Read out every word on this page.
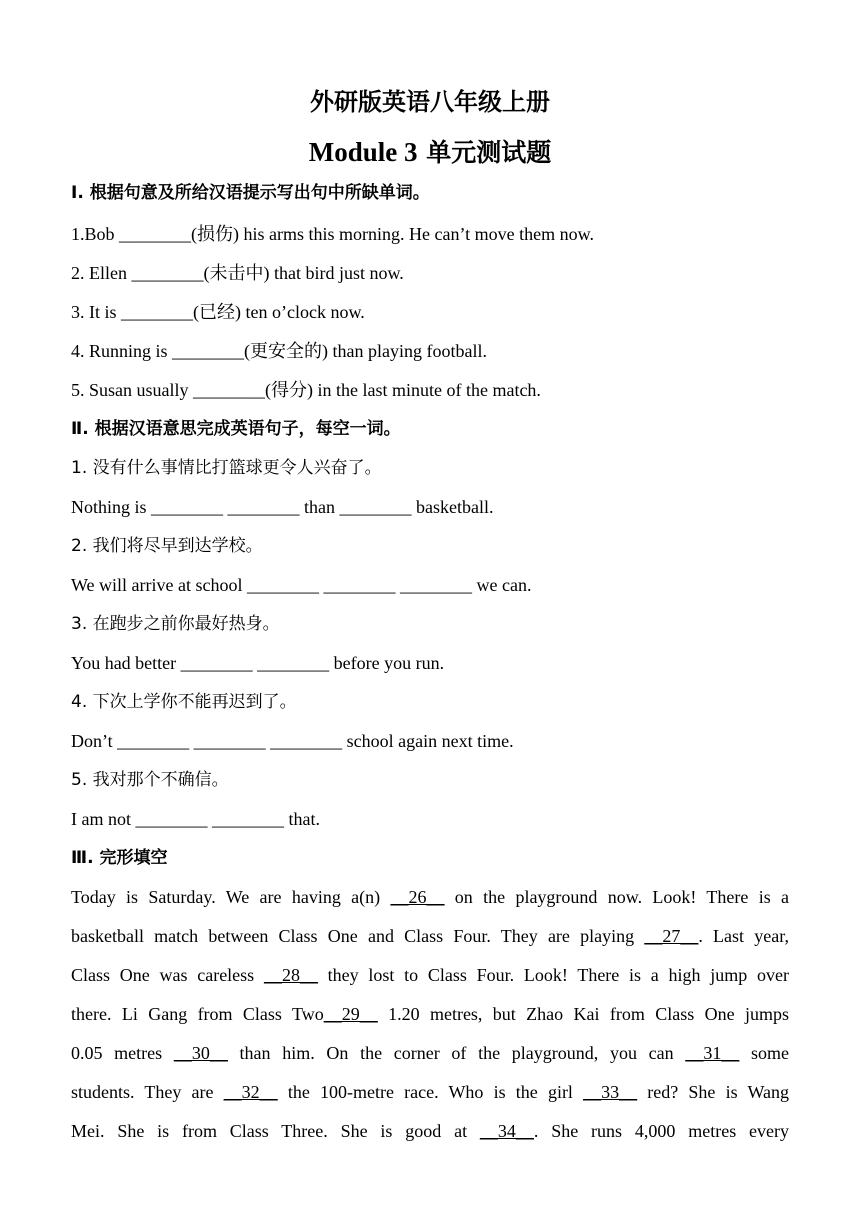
外研版英语八年级上册
Module 3 单元测试题
Ⅰ. 根据句意及所给汉语提示写出句中所缺单词。
1.Bob ________(损伤) his arms this morning. He can’t move them now.
2. Ellen ________(未击中) that bird just now.
3. It is ________(已经) ten o’clock now.
4. Running is ________(更安全的) than playing football.
5. Susan usually ________(得分) in the last minute of the match.
Ⅱ. 根据汉语意思完成英语句子，每空一词。
1. 没有什么事情比打篮球更令人兴奋了。
Nothing is ________ ________ than ________ basketball.
2. 我们将尽早到达学校。
We will arrive at school ________ ________ ________ we can.
3. 在跑步之前你最好热身。
You had better ________ ________ before you run.
4. 下次上学你不能再迟到了。
Don’t ________ ________ ________ school again next time.
5. 我对那个不确信。
I am not ________ ________ that.
Ⅲ. 完形填空
Today is Saturday. We are having a(n) __26__ on the playground now. Look! There is a
basketball match between Class One and Class Four. They are playing __27__. Last year,
Class One was careless __28__ they lost to Class Four. Look! There is a high jump over
there. Li Gang from Class Two__29__ 1.20 metres, but Zhao Kai from Class One jumps
0.05 metres __30__ than him. On the corner of the playground, you can __31__ some
students. They are __32__ the 100-metre race. Who is the girl __33__ red? She is Wang
Mei. She is from Class Three. She is good at __34__. She runs 4,000 metres every
